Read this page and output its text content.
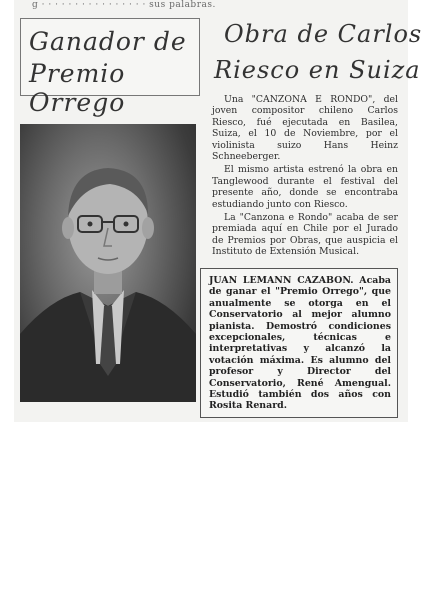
g · · · · · · · · · · · · · · · · sus palabras.
Ganador de
Premio Orrego
Obra de Carlos
Riesco en Suiza

Una "CANZONA E RONDO", del joven compositor chileno Carlos Riesco, fué ejecutada en Basilea, Suiza, el 10 de Noviembre, por el violinista suizo Hans Heinz Schneeberger.

El mismo artista estrenó la obra en Tanglewood durante el festival del presente año, donde se encontraba estudiando junto con Riesco.

La "Canzona e Rondo" acaba de ser premiada aquí en Chile por el Jurado de Premios por Obras, que auspicia el Instituto de Extensión Musical.

JUAN LEMANN CAZABON. Acaba de ganar el "Premio Orrego", que anualmente se otorga en el Conservatorio al mejor alumno pianista. Demostró condiciones excepcionales, técnicas e interpretativas y alcanzó la votación máxima. Es alumno del profesor y Director del Conservatorio, René Amengual. Estudió también dos años con Rosita Renard.
